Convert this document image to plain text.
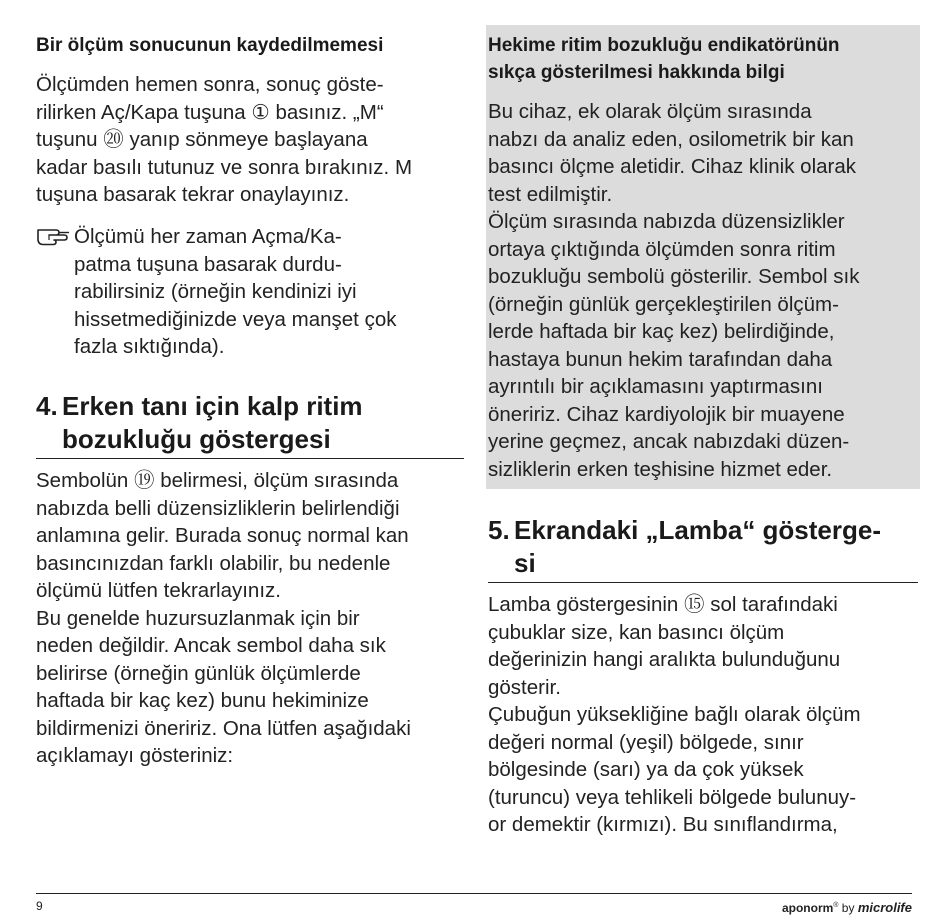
Bir ölçüm sonucunun kaydedilmemesi
Ölçümden hemen sonra, sonuç göste-
rilirken Aç/Kapa tuşuna ① basınız. „M“
tuşunu ⑳ yanıp sönmeye başlayana
kadar basılı tutunuz ve sonra bırakınız. M
tuşuna basarak tekrar onaylayınız.
Ölçümü her zaman Açma/Ka-
patma tuşuna basarak durdu-
rabilirsiniz (örneğin kendinizi iyi
hissetmediğinizde veya manşet çok
fazla sıktığında).
4. Erken tanı için kalp ritim
bozukluğu göstergesi
Sembolün ⑲ belirmesi, ölçüm sırasında
nabızda belli düzensizliklerin belirlendiği
anlamına gelir. Burada sonuç normal kan
basıncınızdan farklı olabilir, bu nedenle
ölçümü lütfen tekrarlayınız.
Bu genelde huzursuzlanmak için bir
neden değildir. Ancak sembol daha sık
belirirse (örneğin günlük ölçümlerde
haftada bir kaç kez) bunu hekiminize
bildirmenizi öneririz. Ona lütfen aşağıdaki
açıklamayı gösteriniz:
Hekime ritim bozukluğu endikatörünün
sıkça gösterilmesi hakkında bilgi
Bu cihaz, ek olarak ölçüm sırasında
nabzı da analiz eden, osilometrik bir kan
basıncı ölçme aletidir. Cihaz klinik olarak
test edilmiştir.
Ölçüm sırasında nabızda düzensizlikler
ortaya çıktığında ölçümden sonra ritim
bozukluğu sembolü gösterilir. Sembol sık
(örneğin günlük gerçekleştirilen ölçüm-
lerde haftada bir kaç kez) belirdiğinde,
hastaya bunun hekim tarafından daha
ayrıntılı bir açıklamasını yaptırmasını
öneririz. Cihaz kardiyolojik bir muayene
yerine geçmez, ancak nabızdaki düzen-
sizliklerin erken teşhisine hizmet eder.
5. Ekrandaki „Lamba“ gösterge-
si
Lamba göstergesinin ⑮ sol tarafındaki
çubuklar size, kan basıncı ölçüm
değerinizin hangi aralıkta bulunduğunu
gösterir.
Çubuğun yüksekliğine bağlı olarak ölçüm
değeri normal (yeşil) bölgede, sınır
bölgesinde (sarı) ya da çok yüksek
(turuncu) veya tehlikeli bölgede bulunuy-
or demektir (kırmızı). Bu sınıflandırma,
9	aponorm® by microlife
